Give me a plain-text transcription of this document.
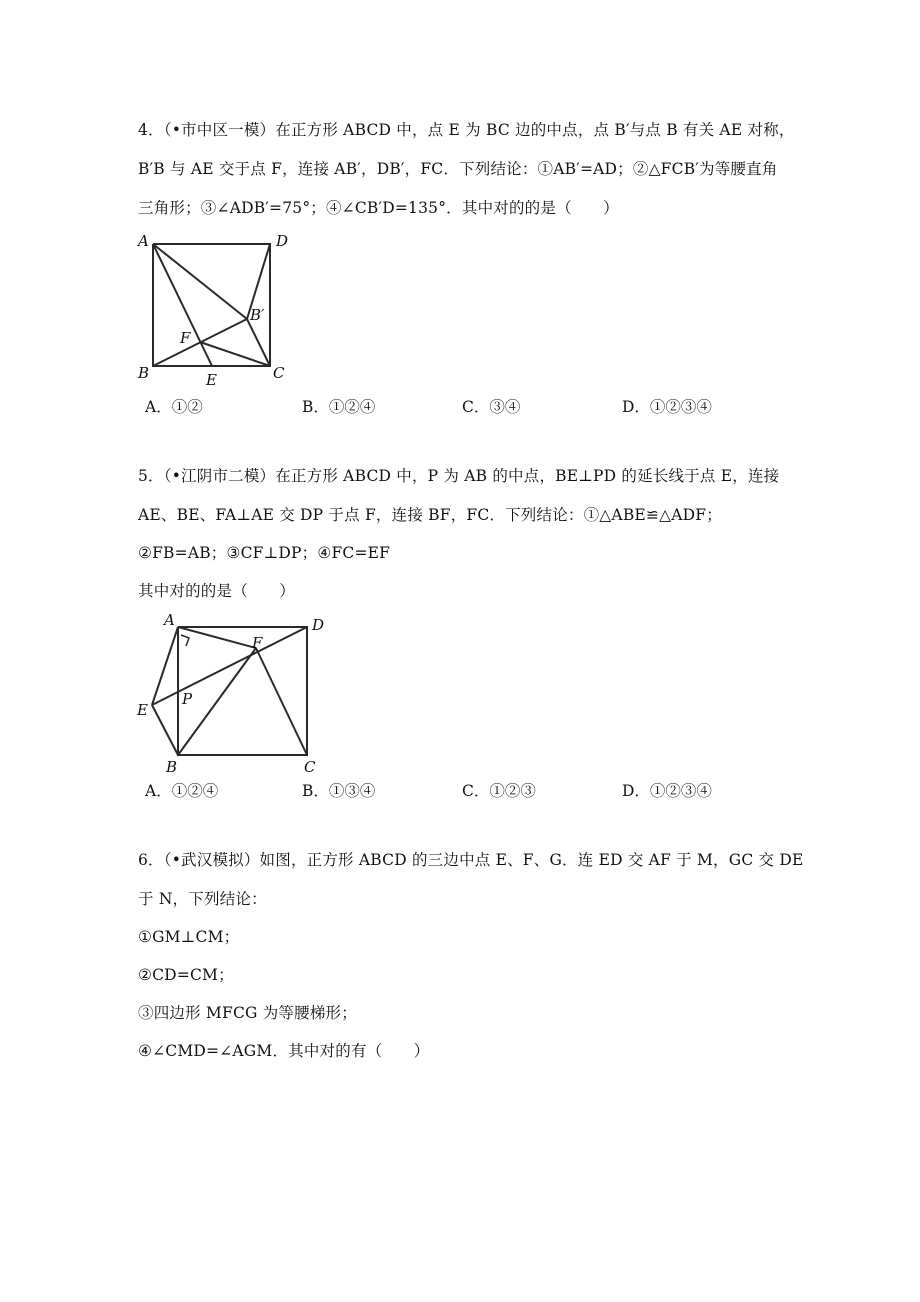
4．（•市中区一模）在正方形 ABCD 中，点 E 为 BC 边的中点，点 B′与点 B 有关 AE 对称，
B′B 与 AE 交于点 F，连接 AB′，DB′，FC．下列结论：①AB′=AD；②△FCB′为等腰直角
三角形；③∠ADB′=75°；④∠CB′D=135°．其中对的的是（　　）
A	D
B	C
E
F
B′
A．①②	B．①②④	C．③④	D．①②③④
5．（•江阴市二模）在正方形 ABCD 中，P 为 AB 的中点，BE⊥PD 的延长线于点 E，连接
AE、BE、FA⊥AE 交 DP 于点 F，连接 BF，FC．下列结论：①△ABE≌△ADF；
②FB=AB；③CF⊥DP；④FC=EF
其中对的的是（　　）
A	D
B	C
E
F
P
A．①②④	B．①③④	C．①②③	D．①②③④
6．（•武汉模拟）如图，正方形 ABCD 的三边中点 E、F、G．连 ED 交 AF 于 M，GC 交 DE
于 N，下列结论：
①GM⊥CM；
②CD=CM；
③四边形 MFCG 为等腰梯形；
④∠CMD=∠AGM．其中对的有（　　）
